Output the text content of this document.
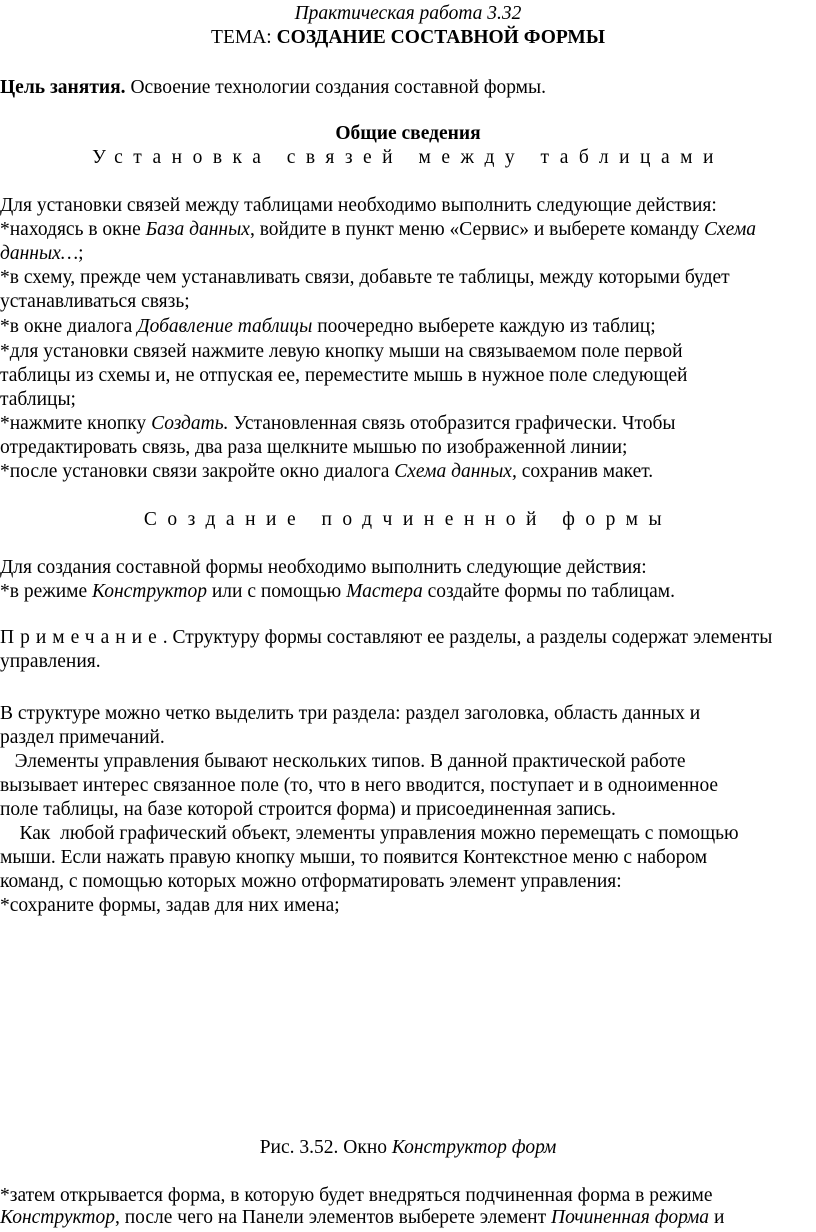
Практическая работа 3.32
ТЕМА: СОЗДАНИЕ СОСТАВНОЙ ФОРМЫ
Цель занятия. Освоение технологии создания составной формы.
Общие сведения
Установка связей между таблицами
Для установки связей между таблицами необходимо выполнить следующие действия:
*находясь в окне База данных, войдите в пункт меню «Сервис» и выберете команду Схема
данных…;
*в схему, прежде чем устанавливать связи, добавьте те таблицы, между которыми будет
устанавливаться связь;
*в окне диалога Добавление таблицы поочередно выберете каждую из таблиц;
*для установки связей нажмите левую кнопку мыши на связываемом поле первой
таблицы из схемы и, не отпуская ее, переместите мышь в нужное поле следующей
таблицы;
*нажмите кнопку Создать. Установленная связь отобразится графически. Чтобы
отредактировать связь, два раза щелкните мышью по изображенной линии;
*после установки связи закройте окно диалога Схема данных, сохранив макет.
Создание подчиненной формы
Для создания составной формы необходимо выполнить следующие действия:
*в режиме Конструктор или с помощью Мастера создайте формы по таблицам.
Примечание. Структуру формы составляют ее разделы, а разделы содержат элементы
управления.
В структуре можно четко выделить три раздела: раздел заголовка, область данных и
раздел примечаний.
Элементы управления бывают нескольких типов. В данной практической работе
вызывает интерес связанное поле (то, что в него вводится, поступает и в одноименное
поле таблицы, на базе которой строится форма) и присоединенная запись.
Как  любой графический объект, элементы управления можно перемещать с помощью
мыши. Если нажать правую кнопку мыши, то появится Контекстное меню с набором
команд, с помощью которых можно отформатировать элемент управления:
*сохраните формы, задав для них имена;
Рис. 3.52. Окно Конструктор форм
*затем открывается форма, в которую будет внедряться подчиненная форма в режиме
Конструктор, после чего на Панели элементов выберете элемент Починенная форма и
